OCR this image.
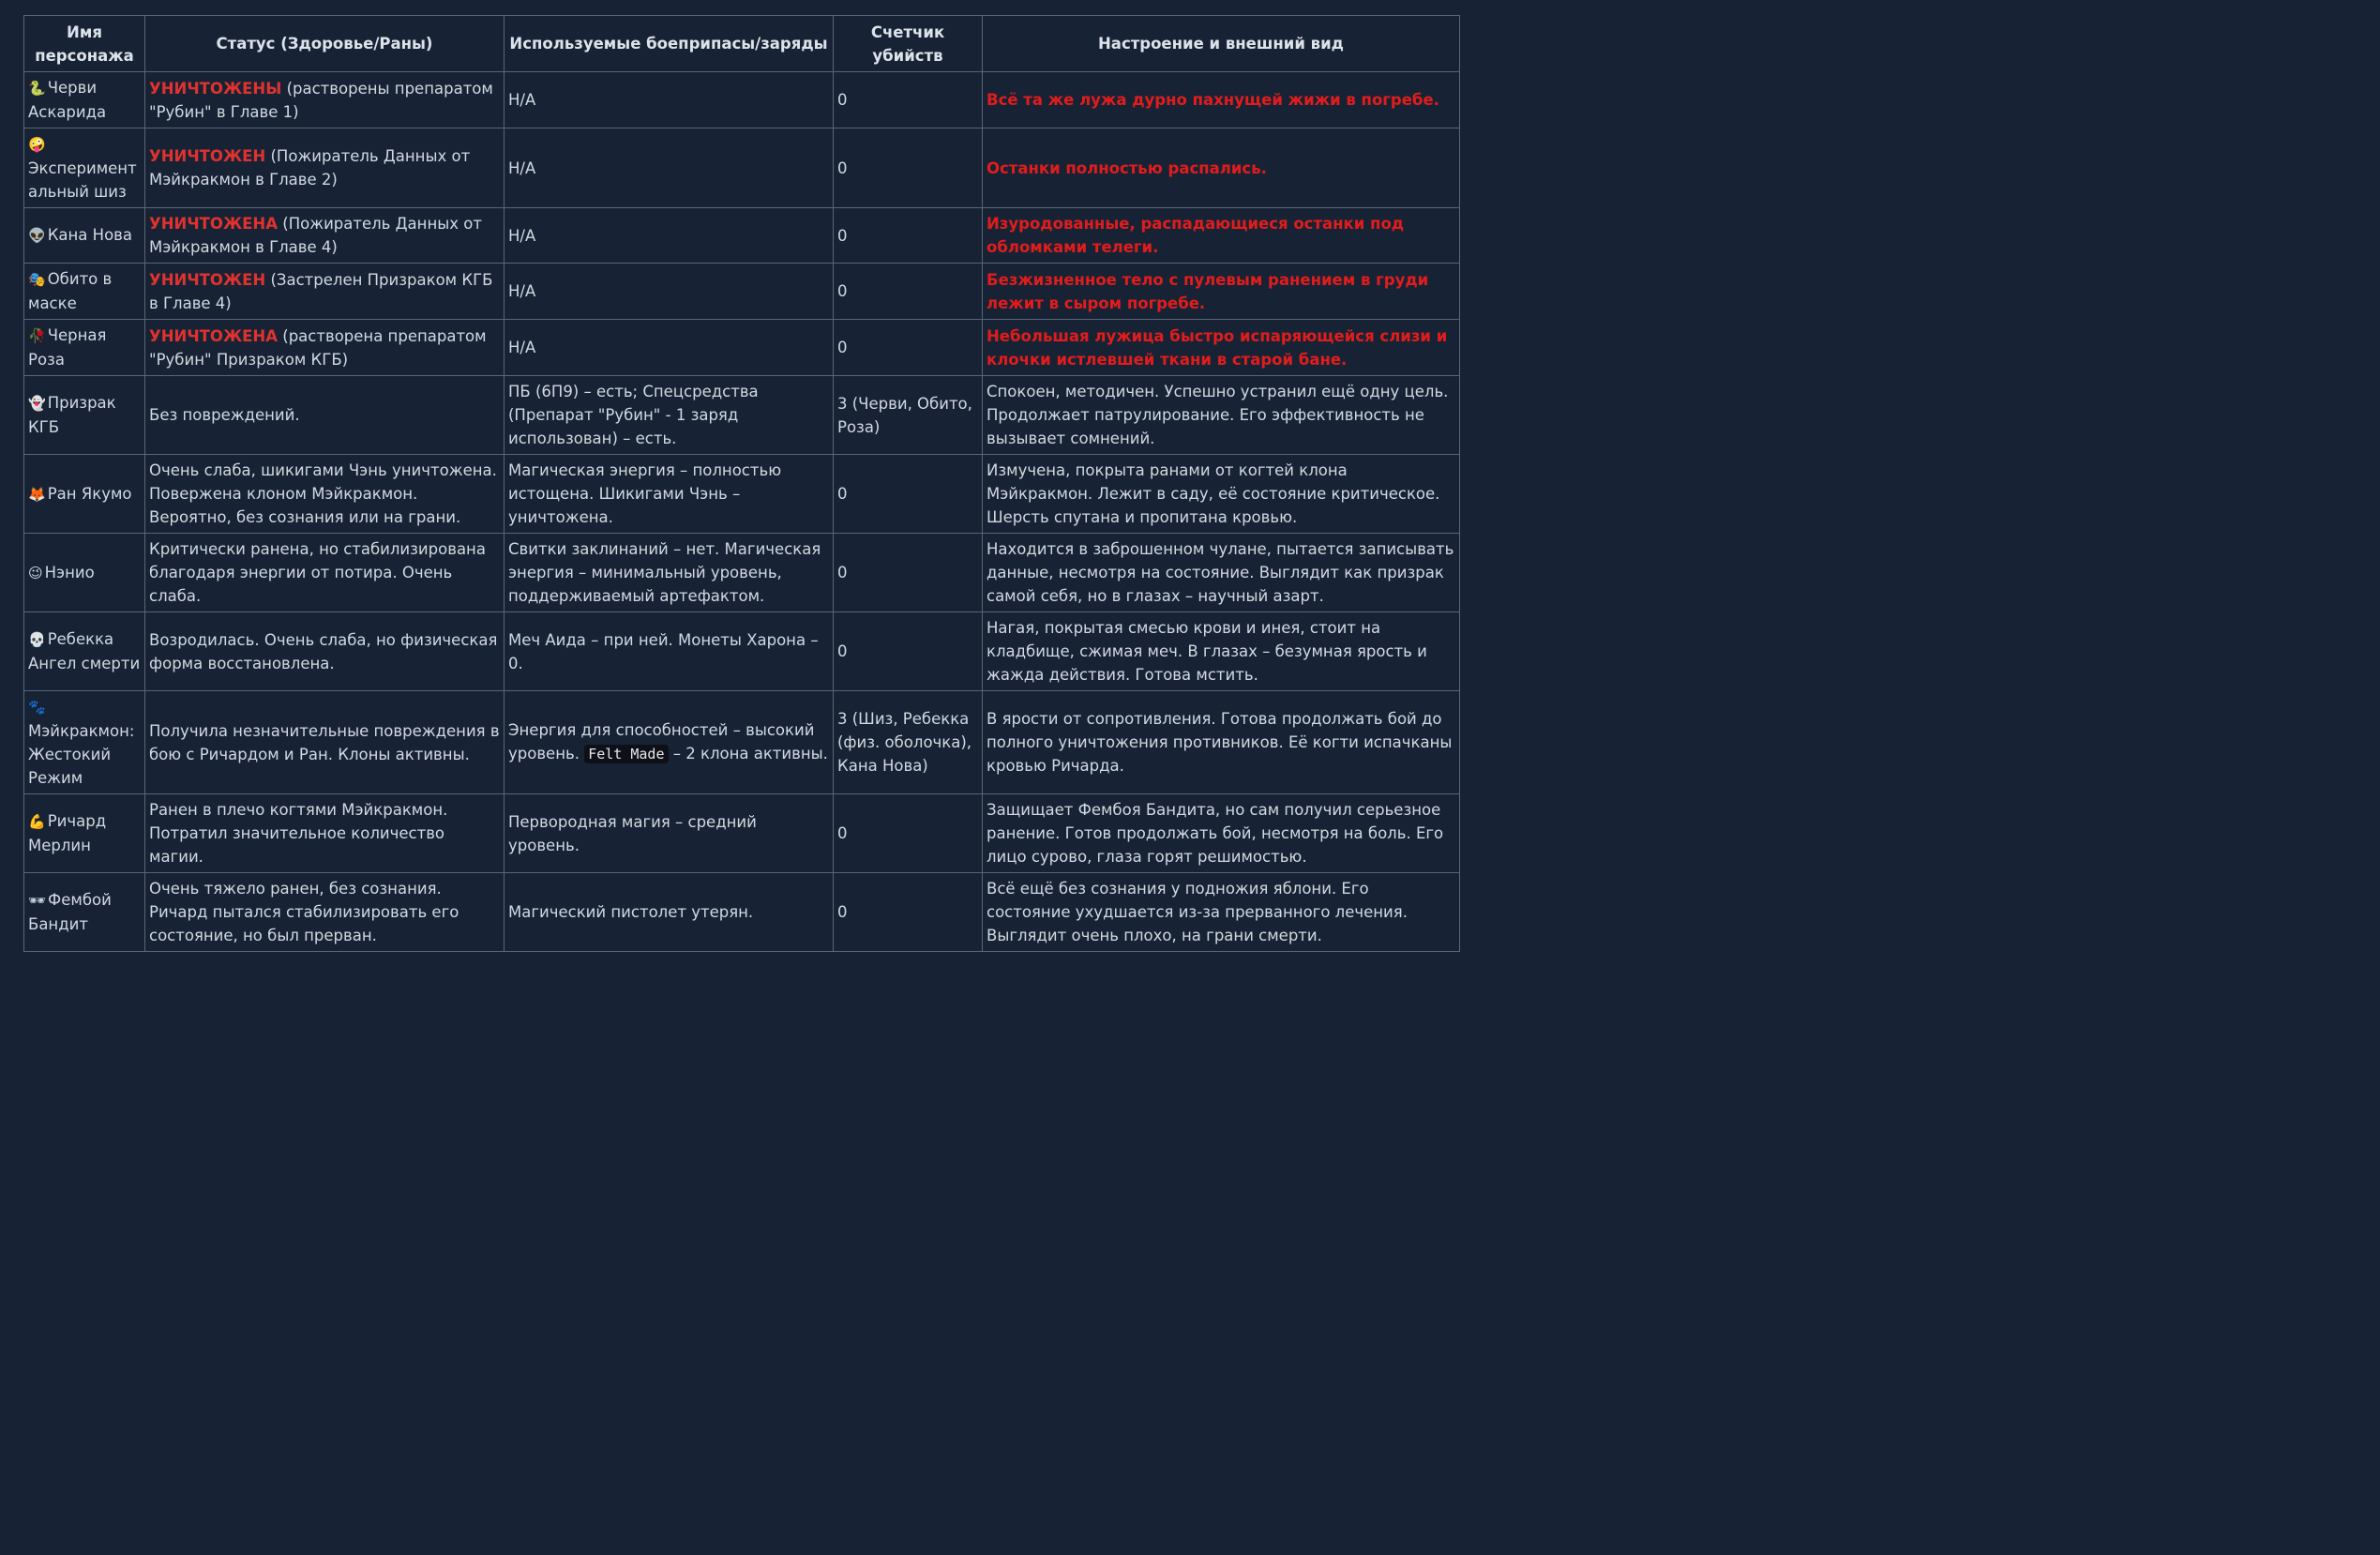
Имя персонажа	Статус (Здоровье/Раны)	Используемые боеприпасы/заряды	Счетчик убийств	Настроение и внешний вид
🐍 Черви Аскарида	УНИЧТОЖЕНЫ (растворены препаратом "Рубин" в Главе 1)	Н/А	0	Всё та же лужа дурно пахнущей жижи в погребе.
🤪Экспериментальный шиз	УНИЧТОЖЕН (Пожиратель Данных от Мэйкракмон в Главе 2)	Н/А	0	Останки полностью распались.
👽 Кана Нова	УНИЧТОЖЕНА (Пожиратель Данных от Мэйкракмон в Главе 4)	Н/А	0	Изуродованные, распадающиеся останки под обломками телеги.
🎭 Обито в маске	УНИЧТОЖЕН (Застрелен Призраком КГБ в Главе 4)	Н/А	0	Безжизненное тело с пулевым ранением в груди лежит в сыром погребе.
🥀 Черная Роза	УНИЧТОЖЕНА (растворена препаратом "Рубин" Призраком КГБ)	Н/А	0	Небольшая лужица быстро испаряющейся слизи и клочки истлевшей ткани в старой бане.
👻 Призрак КГБ	Без повреждений.	ПБ (6П9) – есть; Спецсредства (Препарат "Рубин" - 1 заряд использован) – есть.	3 (Черви, Обито, Роза)	Спокоен, методичен. Успешно устранил ещё одну цель. Продолжает патрулирование. Его эффективность не вызывает сомнений.
🦊 Ран Якумо	Очень слаба, шикигами Чэнь уничтожена. Повержена клоном Мэйкракмон. Вероятно, без сознания или на грани.	Магическая энергия – полностью истощена. Шикигами Чэнь – уничтожена.	0	Измучена, покрыта ранами от когтей клона Мэйкракмон. Лежит в саду, её состояние критическое. Шерсть спутана и пропитана кровью.
😉 Нэнио	Критически ранена, но стабилизирована благодаря энергии от потира. Очень слаба.	Свитки заклинаний – нет. Магическая энергия – минимальный уровень, поддерживаемый артефактом.	0	Находится в заброшенном чулане, пытается записывать данные, несмотря на состояние. Выглядит как призрак самой себя, но в глазах – научный азарт.
💀 Ребекка Ангел смерти	Возродилась. Очень слаба, но физическая форма восстановлена.	Меч Аида – при ней. Монеты Харона – 0.	0	Нагая, покрытая смесью крови и инея, стоит на кладбище, сжимая меч. В глазах – безумная ярость и жажда действия. Готова мстить.
🐾Мэйкракмон: Жестокий Режим	Получила незначительные повреждения в бою с Ричардом и Ран. Клоны активны.	Энергия для способностей – высокий уровень. Felt Made – 2 клона активны.	3 (Шиз, Ребекка (физ. оболочка), Кана Нова)	В ярости от сопротивления. Готова продолжать бой до полного уничтожения противников. Её когти испачканы кровью Ричарда.
💪 Ричард Мерлин	Ранен в плечо когтями Мэйкракмон. Потратил значительное количество магии.	Первородная магия – средний уровень.	0	Защищает Фембоя Бандита, но сам получил серьезное ранение. Готов продолжать бой, несмотря на боль. Его лицо сурово, глаза горят решимостью.
🕶 Фембой Бандит	Очень тяжело ранен, без сознания. Ричард пытался стабилизировать его состояние, но был прерван.	Магический пистолет утерян.	0	Всё ещё без сознания у подножия яблони. Его состояние ухудшается из-за прерванного лечения. Выглядит очень плохо, на грани смерти.
